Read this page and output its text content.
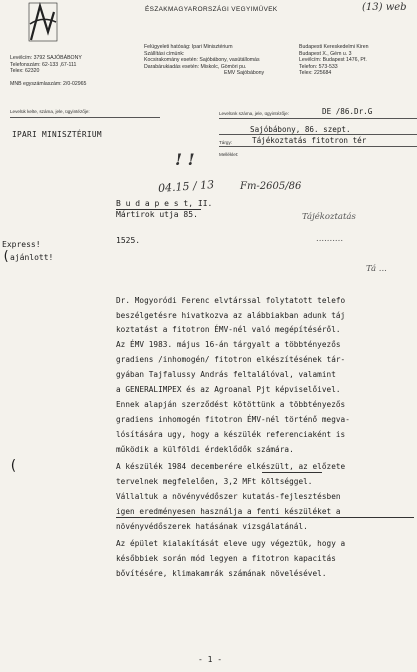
ÉSZAKMAGYARORSZÁGI VEGYIMÜVEK	(13) web
Levélcím: 3792 SAJÓBÁBONY
Telefonszám: 62-133 ,67-111
Telex: 62320

MNB egyszámlaszám: 2/0-02965
Felügyeleti hatóság: Ipari Minisztérium
Szállítási címünk:
Kocsirakomány esetén: Sajóbábony, vasútállomás
Darabárukiadás esetén: Miskolc, Gömöri pu.
EMV Sajóbábony
Budapesti Kereskedelmi Kiren
Budapest X., Gém u. 3
Levélcím: Budapest 1476, Pf.
Telefon: 573-533
Telex: 225684
Levelük kelte, száma, jele, ügyintézője:	Levelünk száma, jele, ügyintézője:	DE /86.Dr.G
Sajóbábony, 86. szept.
Tárgy:	Tájékoztatás fitotron tér
Melléklet:
IPARI MINISZTÉRIUM
! !
04.15 / 13	Fm-2605/86
B u d a p e s t, II.
Mártirok utja 85.
1525.
Tájékoztatás
..........
Tá ...
Express!
ajánlott!
(
(
Dr. Mogyoródi Ferenc elvtárssal folytatott telefo
beszélgetésre hivatkozva az alábbiakban adunk táj
koztatást a fitotron ÉMV-nél való megépítéséről.
Az ÉMV 1983. május 16-án tárgyalt a többtényezős
gradiens /inhomogén/ fitotron elkészítésének tár-
gyában Tajfalussy András feltalálóval, valamint
a GENERALIMPEX és az Agroanal Pjt képviselőivel.
Ennek alapján szerződést kötöttünk a többtényezős
gradiens inhomogén fitotron ÉMV-nél történő megva-
lósítására ugy, hogy a készülék referenciaként is
működik a külföldi érdeklődők számára.
A készülék 1984 decemberére elkészült, az előzete
tervelnek megfelelően, 3,2 MFt költséggel.
Vállaltuk a növényvédőszer kutatás-fejlesztésben
igen eredményesen használja a fenti készüléket a
növényvédőszerek hatásának vizsgálatánál.
Az épület kialakítását eleve ugy végeztük, hogy a
későbbiek során mód legyen a fitotron kapacitás
bővítésére, klimakamrák számának növelésével.
- 1 -
